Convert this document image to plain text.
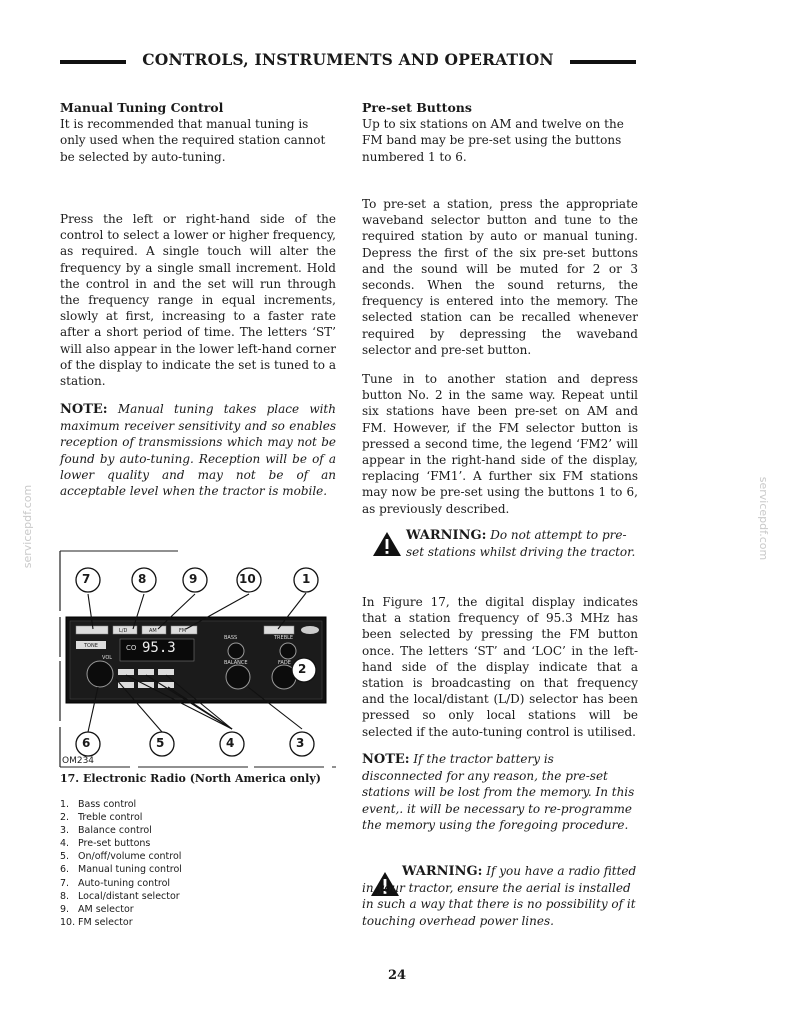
CONTROLS, INSTRUMENTS AND OPERATION
servicepdf.com	servicepdf.com
Manual Tuning Control

It is recommended that manual tuning is only used when the required station cannot be selected by auto-tuning.

Press the left or right-hand side of the control to select a lower or higher frequency, as required. A single touch will alter the frequency by a single small increment. Hold the control in and the set will run through the frequency range in equal increments, slowly at first, increasing to a faster rate after a short period of time. The letters ‘ST’ will also appear in the lower left-hand corner of the display to indicate the set is tuned to a station.

NOTE: Manual tuning takes place with maximum receiver sensitivity and so enables reception of transmissions which may not be found by auto-tuning. Reception will be of a lower quality and may not be of an acceptable level when the tractor is mobile.
Pre-set Buttons

Up to six stations on AM and twelve on the FM band may be pre-set using the buttons numbered 1 to 6.

To pre-set a station, press the appropriate waveband selector button and tune to the required station by auto or manual tuning. Depress the first of the six pre-set buttons and the sound will be muted for 2 or 3 seconds. When the sound returns, the frequency is entered into the memory. The selected station can be recalled whenever required by depressing the waveband selector and pre-set button.

Tune in to another station and depress button No. 2 in the same way. Repeat until six stations have been pre-set on AM and FM. However, if the FM selector button is pressed a second time, the legend ‘FM2’ will appear in the right-hand side of the display, replacing ‘FM1’. A further six FM stations may now be pre-set using the buttons 1 to 6, as previously described.

WARNING: Do not attempt to pre-set stations whilst driving the tractor.

In Figure 17, the digital display indicates that a station frequency of 95.3 MHz has been selected by pressing the FM button once. The letters ‘ST’ and ‘LOC’ in the left-hand side of the display indicate that a station is broadcasting on that frequency and the local/distant (L/D) selector has been pressed so only local stations will be selected if the auto-tuning control is utilised.

NOTE: If the tractor battery is disconnected for any reason, the pre-set stations will be lost from the memory. In this event,. it will be necessary to re-programme the memory using the foregoing procedure.
WARNING: If you have a radio fitted in your tractor, ensure the aerial is installed in such a way that there is no possibility of it touching overhead power lines.
7	8	9	10	1
2
6	5	4	3
CO 95.3
BASS	TREBLE
BALANCE	FADE
TONE
VOL
L/D	AM	FM
OM234
17. Electronic Radio (North America only)
1. Bass control
2. Treble control
3. Balance control
4. Pre-set buttons
5. On/off/volume control
6. Manual tuning control
7. Auto-tuning control
8. Local/distant selector
9. AM selector
10. FM selector
24
